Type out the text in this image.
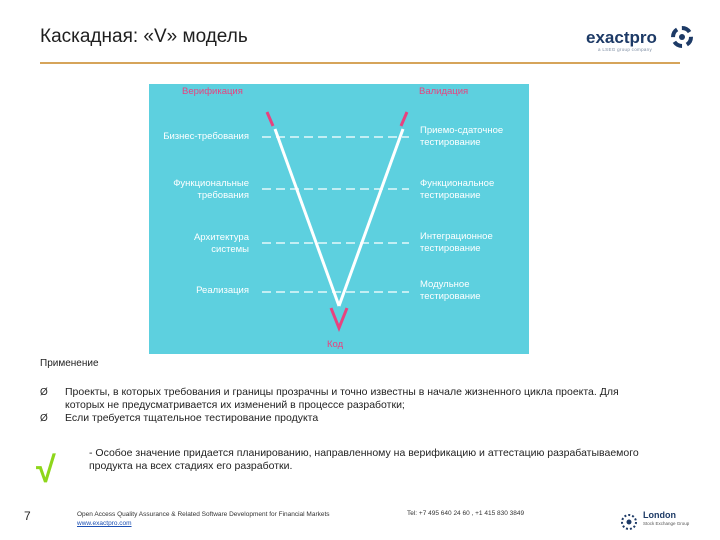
Каскадная: «V» модель	exactpro
a LSEG group company
Верификация	Валидация
Бизнес-требования
Функциональные требования
Архитектура системы
Реализация
Приемо-сдаточное тестирование
Функциональное тестирование
Интеграционное тестирование
Модульное тестирование
Код
Применение
Ø Проекты, в которых требования и границы прозрачны и точно известны в начале жизненного цикла проекта. Для которых не предусматривается их изменений в процессе разработки;
Ø Если требуется тщательное тестирование продукта
√	- Особое значение придается планированию, направленному на верификацию и аттестацию разрабатываемого продукта на всех стадиях его разработки.
7	Open Access Quality Assurance & Related Software Development for Financial Markets
www.exactpro.com
Tel: +7 495 640 24 60 , +1 415 830 3849	London
Stock Exchange Group
